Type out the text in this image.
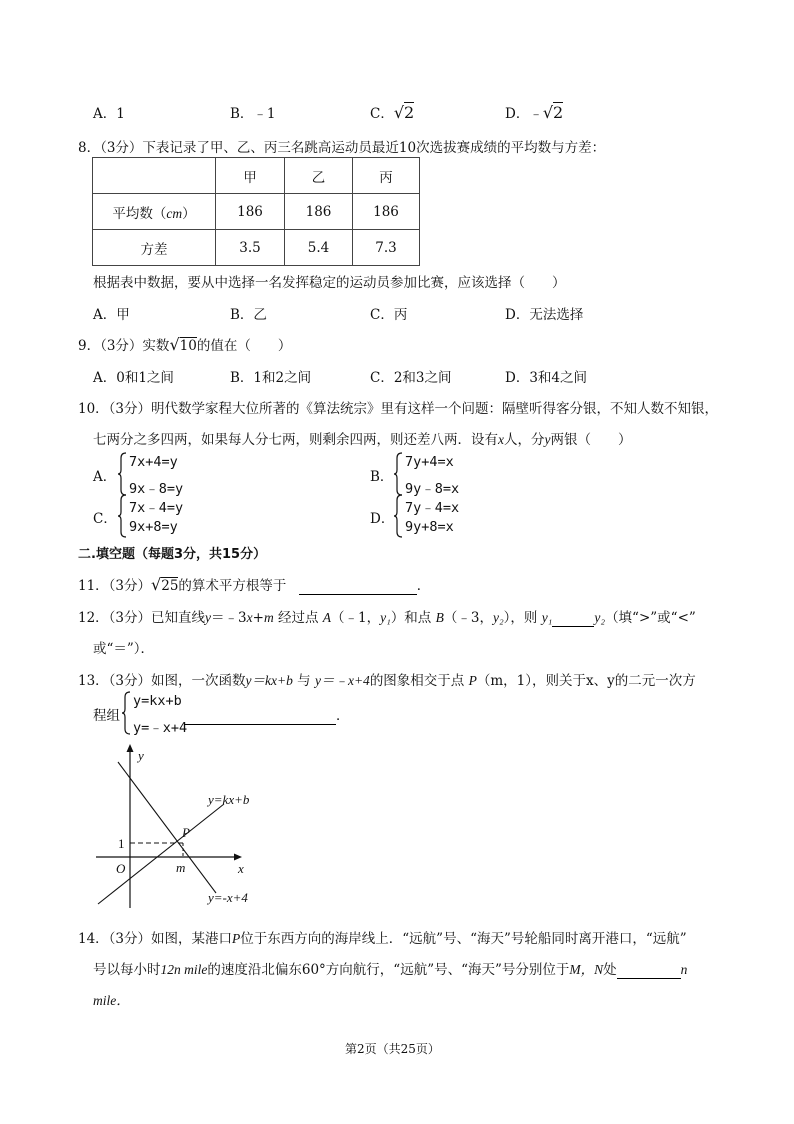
A．1	B．﹣1	C．√2	D．﹣√2
8．（3分）下表记录了甲、乙、丙三名跳高运动员最近10次选拔赛成绩的平均数与方差：
	甲	乙	丙
平均数（cm）	186	186	186
方差	3.5	5.4	7.3
根据表中数据，要从中选择一名发挥稳定的运动员参加比赛，应该选择（　　）
A．甲	B．乙	C．丙	D．无法选择
9．（3分）实数√10的值在（　　）
A．0和1之间	B．1和2之间	C．2和3之间	D．3和4之间
10．（3分）明代数学家程大位所著的《算法统宗》里有这样一个问题：隔壁听得客分银，不知人数不知银，
七两分之多四两，如果每人分七两，则剩余四两，则还差八两．设有x人，分y两银（　　）
A．
7x+4=y
9x﹣8=y
B．
7y+4=x
9y﹣8=x
C．
7x﹣4=y
9x+8=y	D．
7y﹣4=x
9y+8=x
二.填空题（每题3分，共15分）
11．（3分）√25的算术平方根等于	．
12．（3分）已知直线y＝﹣3x+m 经过点 A（﹣1，y₁）和点 B（﹣3，y₂），则 y₁	y₂（填“>”或“<”
或“＝”）．
13．（3分）如图，一次函数y＝kx+b 与 y＝﹣x+4的图象相交于点 P（m，1），则关于x、y的二元一次方
程组
y=kx+b
y=﹣x+4
．
y
x
O
1
m
P
y=kx+b
y=-x+4
14．（3分）如图，某港口P位于东西方向的海岸线上．“远航”号、“海天”号轮船同时离开港口，“远航”
号以每小时12n mile的速度沿北偏东60°方向航行，“远航”号、“海天”号分别位于M，N处	n
mile．
第2页（共25页）
